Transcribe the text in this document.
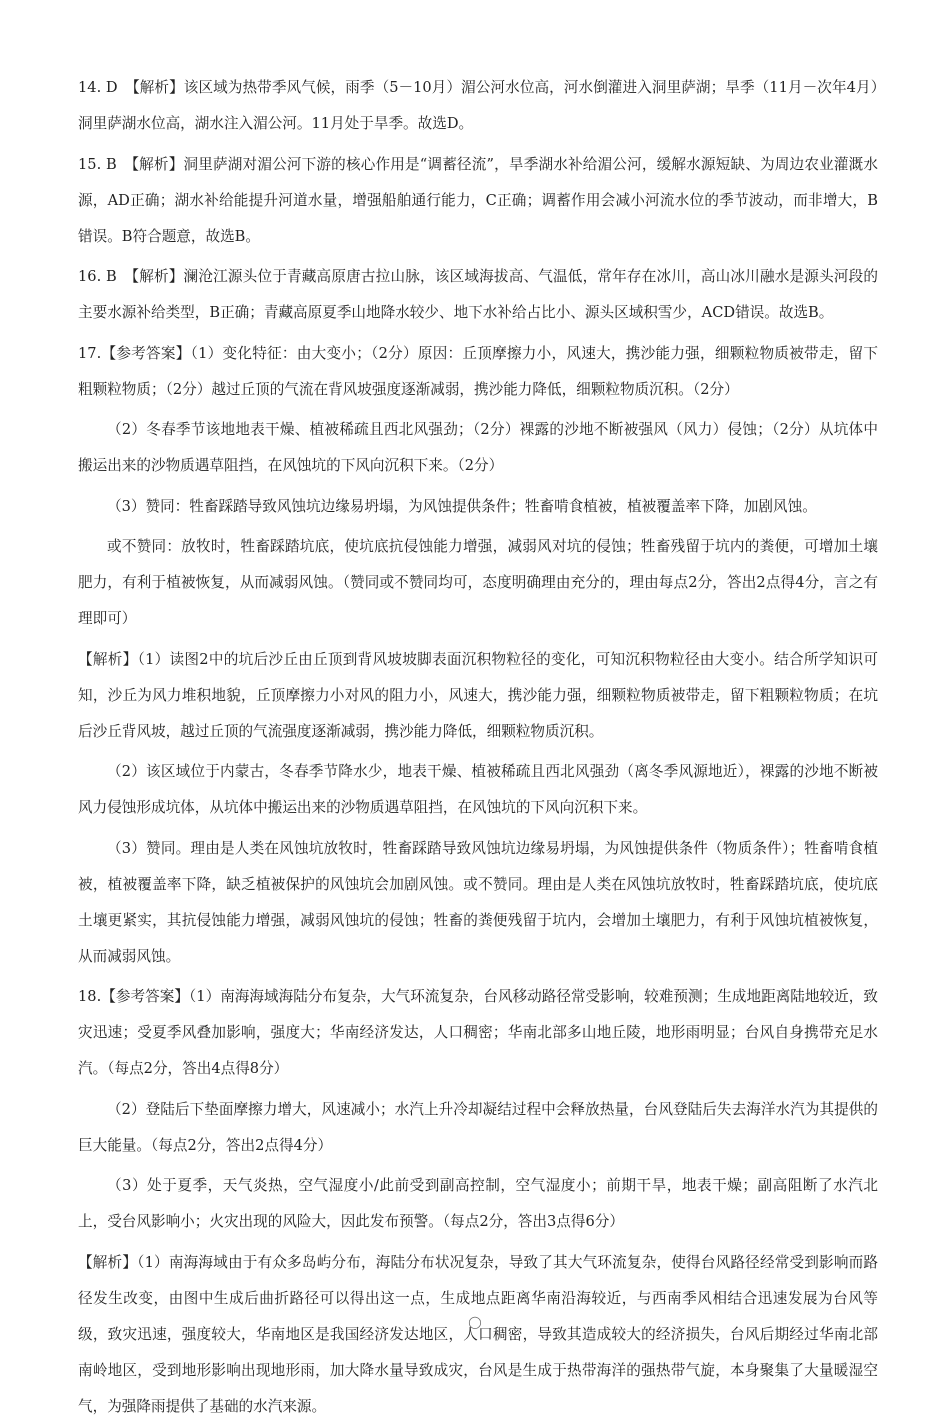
14. D　【解析】该区域为热带季风气候，雨季（5－10月）湄公河水位高，河水倒灌进入洞里萨湖；旱季（11月－次年4月）洞里萨湖水位高，湖水注入湄公河。11月处于旱季。故选D。

15. B　【解析】洞里萨湖对湄公河下游的核心作用是“调蓄径流”，旱季湖水补给湄公河，缓解水源短缺、为周边农业灌溉水源，AD正确；湖水补给能提升河道水量，增强船舶通行能力，C正确；调蓄作用会减小河流水位的季节波动，而非增大，B错误。B符合题意，故选B。

16. B　【解析】澜沧江源头位于青藏高原唐古拉山脉，该区域海拔高、气温低，常年存在冰川，高山冰川融水是源头河段的主要水源补给类型，B正确；青藏高原夏季山地降水较少、地下水补给占比小、源头区域积雪少，ACD错误。故选B。

17.【参考答案】（1）变化特征：由大变小；（2分）原因：丘顶摩擦力小，风速大，携沙能力强，细颗粒物质被带走，留下粗颗粒物质；（2分）越过丘顶的气流在背风坡强度逐渐减弱，携沙能力降低，细颗粒物质沉积。（2分）

（2）冬春季节该地地表干燥、植被稀疏且西北风强劲；（2分）裸露的沙地不断被强风（风力）侵蚀；（2分）从坑体中搬运出来的沙物质遇草阻挡，在风蚀坑的下风向沉积下来。（2分）

（3）赞同：牲畜踩踏导致风蚀坑边缘易坍塌，为风蚀提供条件；牲畜啃食植被，植被覆盖率下降，加剧风蚀。

或不赞同：放牧时，牲畜踩踏坑底，使坑底抗侵蚀能力增强，减弱风对坑的侵蚀；牲畜残留于坑内的粪便，可增加土壤肥力，有利于植被恢复，从而减弱风蚀。（赞同或不赞同均可，态度明确理由充分的，理由每点2分，答出2点得4分，言之有理即可）

【解析】（1）读图2中的坑后沙丘由丘顶到背风坡坡脚表面沉积物粒径的变化，可知沉积物粒径由大变小。结合所学知识可知，沙丘为风力堆积地貌，丘顶摩擦力小对风的阻力小，风速大，携沙能力强，细颗粒物质被带走，留下粗颗粒物质；在坑后沙丘背风坡，越过丘顶的气流强度逐渐减弱，携沙能力降低，细颗粒物质沉积。

（2）该区域位于内蒙古，冬春季节降水少，地表干燥、植被稀疏且西北风强劲（离冬季风源地近），裸露的沙地不断被风力侵蚀形成坑体，从坑体中搬运出来的沙物质遇草阻挡，在风蚀坑的下风向沉积下来。

（3）赞同。理由是人类在风蚀坑放牧时，牲畜踩踏导致风蚀坑边缘易坍塌，为风蚀提供条件（物质条件）；牲畜啃食植被，植被覆盖率下降，缺乏植被保护的风蚀坑会加剧风蚀。或不赞同。理由是人类在风蚀坑放牧时，牲畜踩踏坑底，使坑底土壤更紧实，其抗侵蚀能力增强，减弱风蚀坑的侵蚀；牲畜的粪便残留于坑内，会增加土壤肥力，有利于风蚀坑植被恢复，从而减弱风蚀。

18.【参考答案】（1）南海海域海陆分布复杂，大气环流复杂，台风移动路径常受影响，较难预测；生成地距离陆地较近，致灾迅速；受夏季风叠加影响，强度大；华南经济发达，人口稠密；华南北部多山地丘陵，地形雨明显；台风自身携带充足水汽。（每点2分，答出4点得8分）

（2）登陆后下垫面摩擦力增大，风速减小；水汽上升冷却凝结过程中会释放热量，台风登陆后失去海洋水汽为其提供的巨大能量。（每点2分，答出2点得4分）

（3）处于夏季，天气炎热，空气湿度小/此前受到副高控制，空气湿度小；前期干旱，地表干燥；副高阻断了水汽北上，受台风影响小；火灾出现的风险大，因此发布预警。（每点2分，答出3点得6分）

【解析】（1）南海海域由于有众多岛屿分布，海陆分布状况复杂，导致了其大气环流复杂，使得台风路径经常受到影响而路径发生改变，由图中生成后曲折路径可以得出这一点，生成地点距离华南沿海较近，与西南季风相结合迅速发展为台风等级，致灾迅速，强度较大，华南地区是我国经济发达地区，人口稠密，导致其造成较大的经济损失，台风后期经过华南北部南岭地区，受到地形影响出现地形雨，加大降水量导致成灾，台风是生成于热带海洋的强热带气旋，本身聚集了大量暖湿空气，为强降雨提供了基础的水汽来源。

◯
